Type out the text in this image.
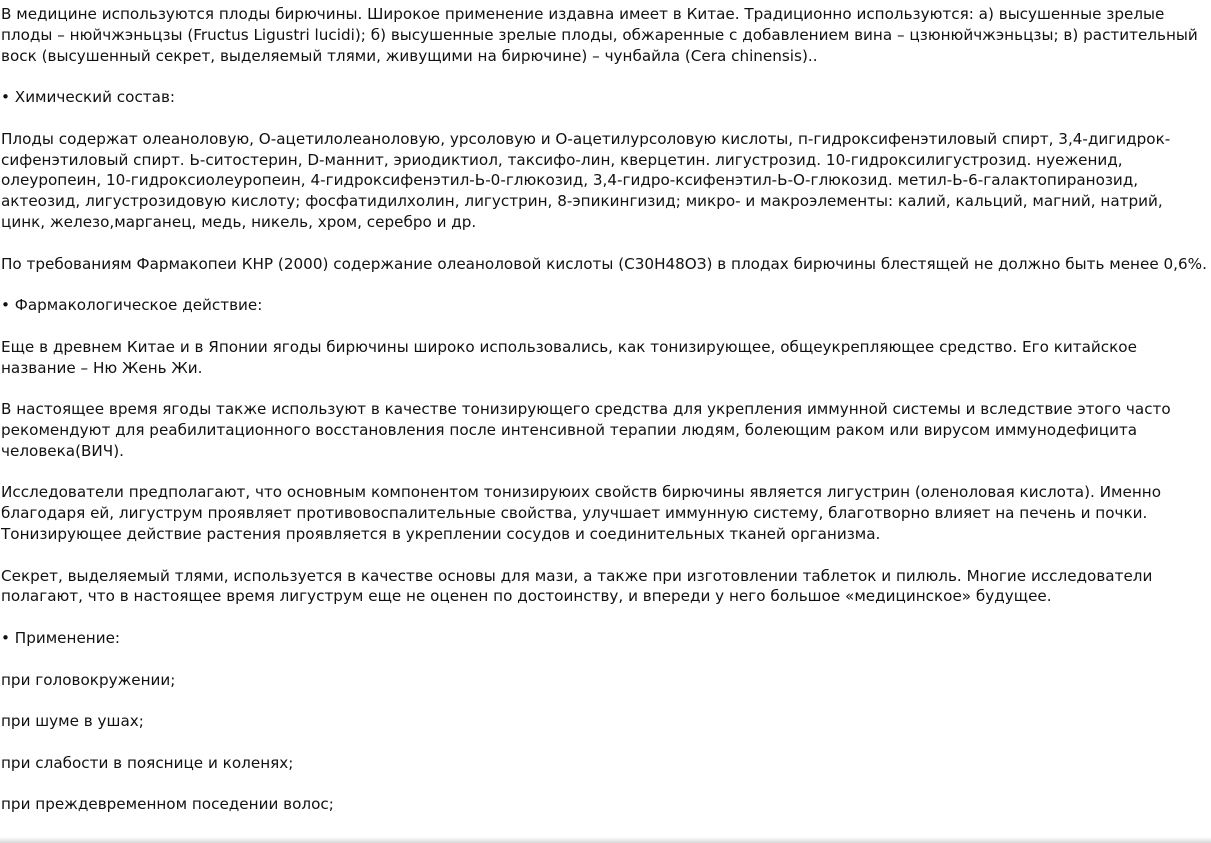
В медицине используются плоды бирючины. Широкое применение издавна имеет в Китае. Традиционно используются: а) высушенные зрелые плоды – нюйчжэньцзы (Fructus Ligustri lucidi); б) высушенные зрелые плоды, обжаренные с добавлением вина – цзюнюйчжэньцзы; в) растительный воск (высушенный секрет, выделяемый тлями, живущими на бирючине) – чунбайла (Cera chinensis)..

• Химический состав:

Плоды содержат олеаноловую, О-ацетилолеаноловую, урсоловую и О-ацетилурсоловую кислоты, п-гидроксифенэтиловый спирт, 3,4-дигидрок-сифенэтиловый спирт. Ь-ситостерин, D-маннит, эриодиктиол, таксифо-лин, кверцетин. лигустрозид. 10-гидроксилигустрозид. нуеженид, олеуропеин, 10-гидроксиолеуропеин, 4-гидроксифенэтил-Ь-0-глюкозид, 3,4-гидро-ксифенэтил-Ь-О-глюкозид. метил-Ь-6-галактопиранозид, актеозид, лигустрозидовую кислоту; фосфатидилхолин, лигустрин, 8-эпикингизид; микро- и макроэлементы: калий, кальций, магний, натрий, цинк, железо,марганец, медь, никель, хром, серебро и др.

По требованиям Фармакопеи КНР (2000) содержание олеаноловой кислоты (С30Н48ОЗ) в плодах бирючины блестящей не должно быть менее 0,6%.

• Фармакологическое действие:

Еще в древнем Китае и в Японии ягоды бирючины широко использовались, как тонизирующее, общеукрепляющее средство. Его китайское название – Ню Жень Жи.

В настоящее время ягоды также используют в качестве тонизирующего средства для укрепления иммунной системы и вследствие этого часто рекомендуют для реабилитационного восстановления после интенсивной терапии людям, болеющим раком или вирусом иммунодефицита человека(ВИЧ).

Исследователи предполагают, что основным компонентом тонизируюих свойств бирючины является лигустрин (оленоловая кислота). Именно благодаря ей, лигуструм проявляет противовоспалительные свойства, улучшает иммунную систему, благотворно влияет на печень и почки. Тонизирующее действие растения проявляется в укреплении сосудов и соединительных тканей организма.

Секрет, выделяемый тлями, используется в качестве основы для мази, а также при изготовлении таблеток и пилюль. Многие исследователи полагают, что в настоящее время лигуструм еще не оценен по достоинству, и впереди у него большое «медицинское» будущее.

• Применение:

при головокружении;

при шуме в ушах;

при слабости в пояснице и коленях;

при преждевременном поседении волос;
